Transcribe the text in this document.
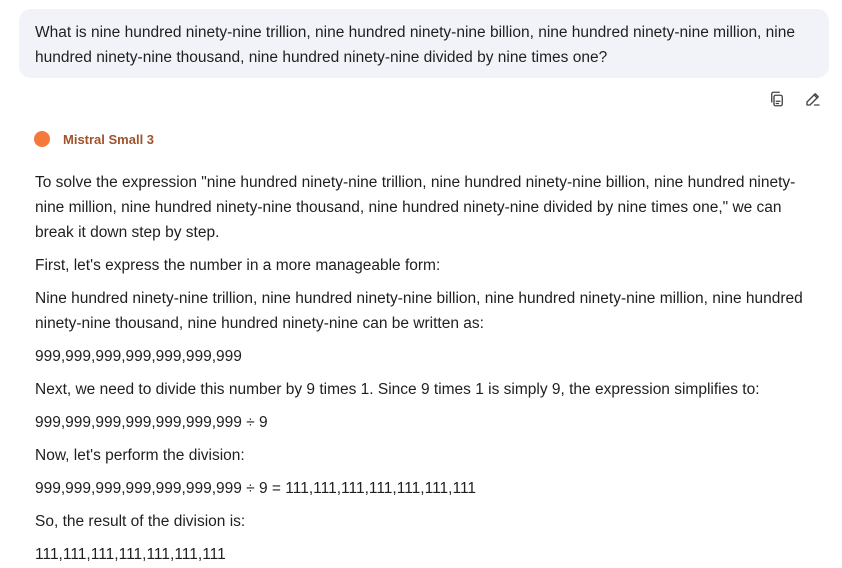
What is nine hundred ninety-nine trillion, nine hundred ninety-nine billion, nine hundred ninety-nine million, nine hundred ninety-nine thousand, nine hundred ninety-nine divided by nine times one?
Mistral Small 3

To solve the expression "nine hundred ninety-nine trillion, nine hundred ninety-nine billion, nine hundred ninety-nine million, nine hundred ninety-nine thousand, nine hundred ninety-nine divided by nine times one," we can break it down step by step.

First, let's express the number in a more manageable form:

Nine hundred ninety-nine trillion, nine hundred ninety-nine billion, nine hundred ninety-nine million, nine hundred ninety-nine thousand, nine hundred ninety-nine can be written as:

999,999,999,999,999,999,999

Next, we need to divide this number by 9 times 1. Since 9 times 1 is simply 9, the expression simplifies to:

999,999,999,999,999,999,999 ÷ 9

Now, let's perform the division:

999,999,999,999,999,999,999 ÷ 9 = 111,111,111,111,111,111,111

So, the result of the division is:

111,111,111,111,111,111,111
